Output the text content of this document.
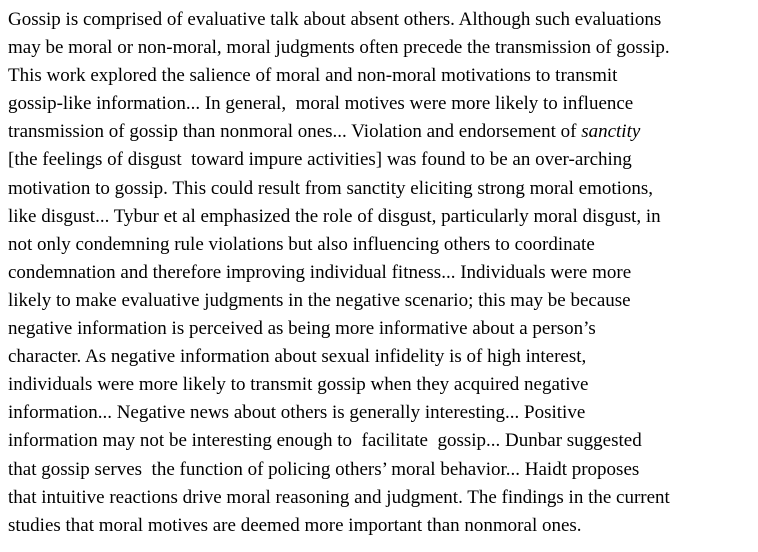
Gossip is comprised of evaluative talk about absent others. Although such evaluations
may be moral or non-moral, moral judgments often precede the transmission of gossip.
This work explored the salience of moral and non-moral motivations to transmit
gossip-like information... In general,  moral motives were more likely to influence
transmission of gossip than nonmoral ones... Violation and endorsement of sanctity
[the feelings of disgust  toward impure activities] was found to be an over-arching
motivation to gossip. This could result from sanctity eliciting strong moral emotions,
like disgust... Tybur et al emphasized the role of disgust, particularly moral disgust, in
not only condemning rule violations but also influencing others to coordinate
condemnation and therefore improving individual fitness... Individuals were more
likely to make evaluative judgments in the negative scenario; this may be because
negative information is perceived as being more informative about a person’s
character. As negative information about sexual infidelity is of high interest,
individuals were more likely to transmit gossip when they acquired negative
information... Negative news about others is generally interesting... Positive
information may not be interesting enough to  facilitate  gossip... Dunbar suggested
that gossip serves  the function of policing others’ moral behavior... Haidt proposes
that intuitive reactions drive moral reasoning and judgment. The findings in the current
studies that moral motives are deemed more important than nonmoral ones.
